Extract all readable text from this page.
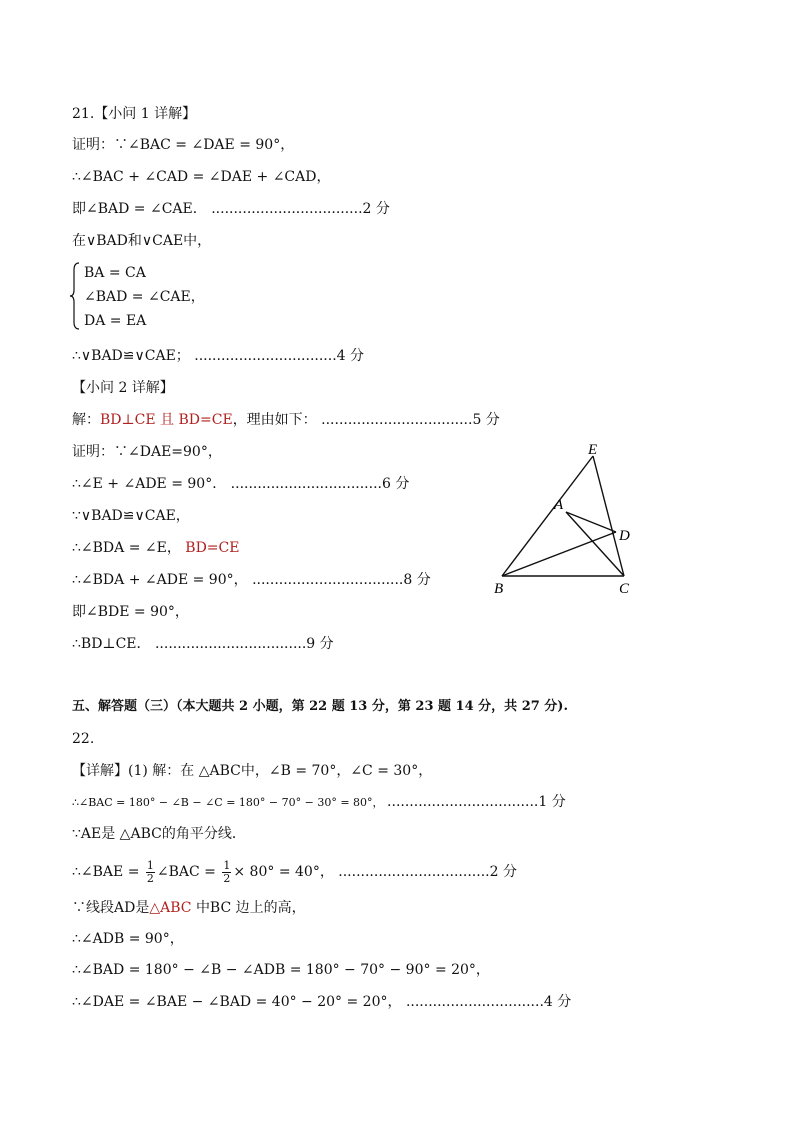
21.【小问 1 详解】
证明：∵∠BAC = ∠DAE = 90°，
∴∠BAC + ∠CAD = ∠DAE + ∠CAD，
即∠BAD = ∠CAE． ..................................2 分
在∨BAD和∨CAE中，
BA = CA
∠BAD = ∠CAE，
DA = EA
∴∨BAD≌∨CAE； ................................4 分
【小问 2 详解】
解：BD⊥CE 且 BD=CE，理由如下： ..................................5 分
证明：∵∠DAE=90°，
∴∠E + ∠ADE = 90°． ..................................6 分
∵∨BAD≌∨CAE，
∴∠BDA = ∠E， BD=CE
∴∠BDA + ∠ADE = 90°， ..................................8 分
即∠BDE = 90°，
∴BD⊥CE． ..................................9 分
E
A
D
B	C
五、解答题（三）（本大题共 2 小题，第 22 题 13 分，第 23 题 14 分，共 27 分).
22.
【详解】(1) 解：在 △ABC中，∠B = 70°，∠C = 30°，
∴∠BAC = 180° − ∠B − ∠C = 180° − 70° − 30° = 80°， ..................................1 分
∵AE是 △ABC的角平分线．
∴∠BAE = $\frac{1}{2}$ ∠BAC = $\frac{1}{2} \times 80^\circ = 40^\circ$， ..................................2 分
∵线段AD是△ABC 中BC 边上的高，
∴∠ADB = 90°，
∴∠BAD = 180° − ∠B − ∠ADB = 180° − 70° − 90° = 20°，
∴∠DAE = ∠BAE − ∠BAD = 40° − 20° = 20°， ...............................4 分
